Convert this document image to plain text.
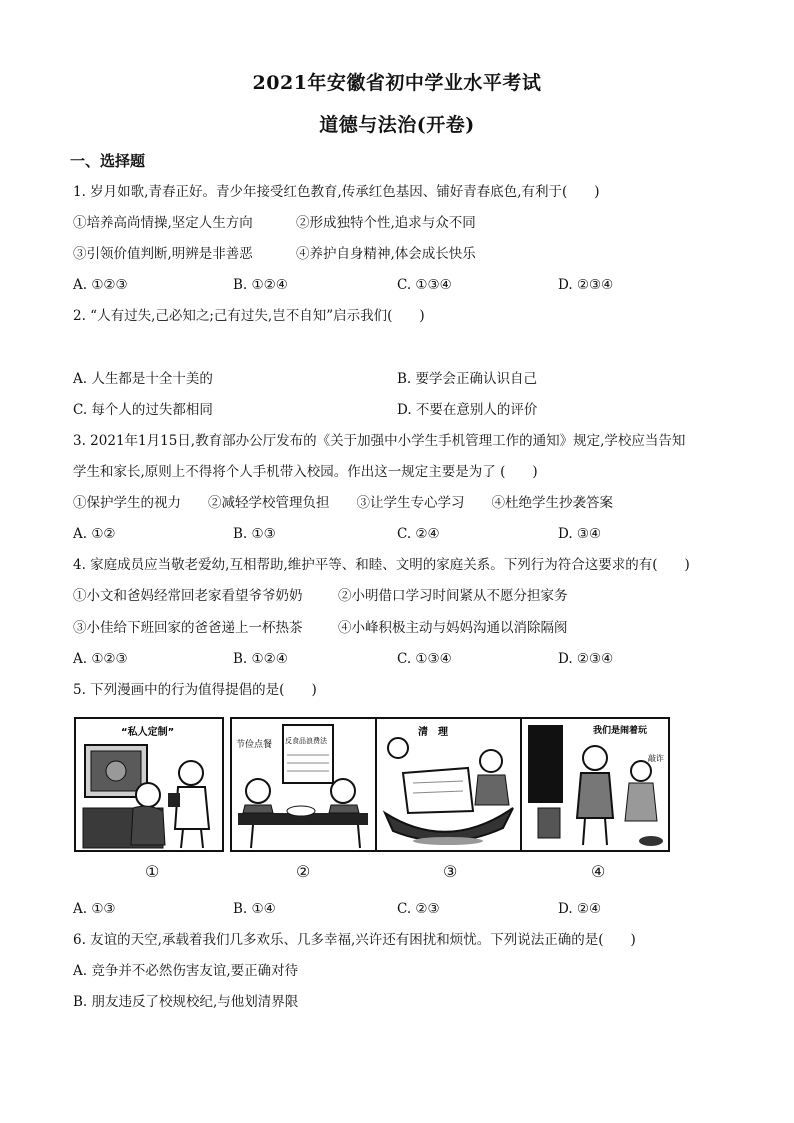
2021年安徽省初中学业水平考试
道德与法治(开卷)
一、选择题
1. 岁月如歌,青春正好。青少年接受红色教育,传承红色基因、铺好青春底色,有利于(　　)
①培养高尚情操,坚定人生方向	②形成独特个性,追求与众不同
③引领价值判断,明辨是非善恶	④养护自身精神,体会成长快乐
A. ①②③	B. ①②④	C. ①③④	D. ②③④
2. “人有过失,己必知之;己有过失,岂不自知”启示我们(　　)
A. 人生都是十全十美的	B. 要学会正确认识自己
C. 每个人的过失都相同	D. 不要在意别人的评价
3. 2021年1月15日,教育部办公厅发布的《关于加强中小学生手机管理工作的通知》规定,学校应当告知
学生和家长,原则上不得将个人手机带入校园。作出这一规定主要是为了 (　　)
①保护学生的视力　　②减轻学校管理负担　　③让学生专心学习　　④杜绝学生抄袭答案
A. ①②	B. ①③	C. ②④	D. ③④
4. 家庭成员应当敬老爱幼,互相帮助,维护平等、和睦、文明的家庭关系。下列行为符合这要求的有(　　)
①小文和爸妈经常回老家看望爷爷奶奶	②小明借口学习时间紧从不愿分担家务
③小佳给下班回家的爸爸递上一杯热茶	④小峰积极主动与妈妈沟通以消除隔阂
A. ①②③	B. ①②④	C. ①③④	D. ②③④
5. 下列漫画中的行为值得提倡的是(　　)
“私人定制”
节俭点餐 反食品浪费法
清　理	我们是闹着玩
敲诈
①	②	③	④
A. ①③	B. ①④	C. ②③	D. ②④
6. 友谊的天空,承载着我们几多欢乐、几多幸福,兴许还有困扰和烦忧。下列说法正确的是(　　)
A. 竞争并不必然伤害友谊,要正确对待
B. 朋友违反了校规校纪,与他划清界限
